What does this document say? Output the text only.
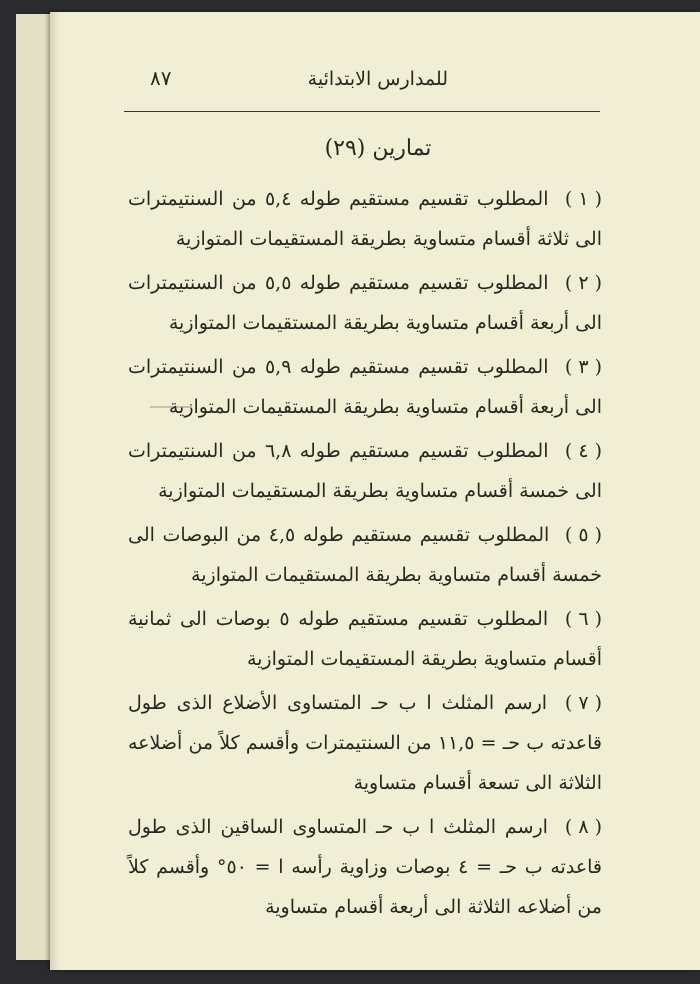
للمدارس الابتدائية
٨٧
تمارين (٢٩)

( ١ ) المطلوب تقسيم مستقيم طوله ٥,٤ من السنتيمترات الى ثلاثة أقسام متساوية بطريقة المستقيمات المتوازية

( ٢ ) المطلوب تقسيم مستقيم طوله ٥,٥ من السنتيمترات الى أربعة أقسام متساوية بطريقة المستقيمات المتوازية

( ٣ ) المطلوب تقسيم مستقيم طوله ٥,٩ من السنتيمترات الى أربعة أقسام متساوية بطريقة المستقيمات المتوازية

( ٤ ) المطلوب تقسيم مستقيم طوله ٦,٨ من السنتيمترات الى خمسة أقسام متساوية بطريقة المستقيمات المتوازية

( ٥ ) المطلوب تقسيم مستقيم طوله ٤,٥ من البوصات الى خمسة أقسام متساوية بطريقة المستقيمات المتوازية

( ٦ ) المطلوب تقسيم مستقيم طوله ٥ بوصات الى ثمانية أقسام متساوية بطريقة المستقيمات المتوازية

( ٧ ) ارسم المثلث ا ب حـ المتساوى الأضلاع الذى طول قاعدته ب حـ = ١١,٥ من السنتيمترات وأقسم كلاً من أضلاعه الثلاثة الى تسعة أقسام متساوية

( ٨ ) ارسم المثلث ا ب حـ المتساوى الساقين الذى طول قاعدته ب حـ = ٤ بوصات وزاوية رأسه ا = ٥٠° وأقسم كلاً من أضلاعه الثلاثة الى أربعة أقسام متساوية
